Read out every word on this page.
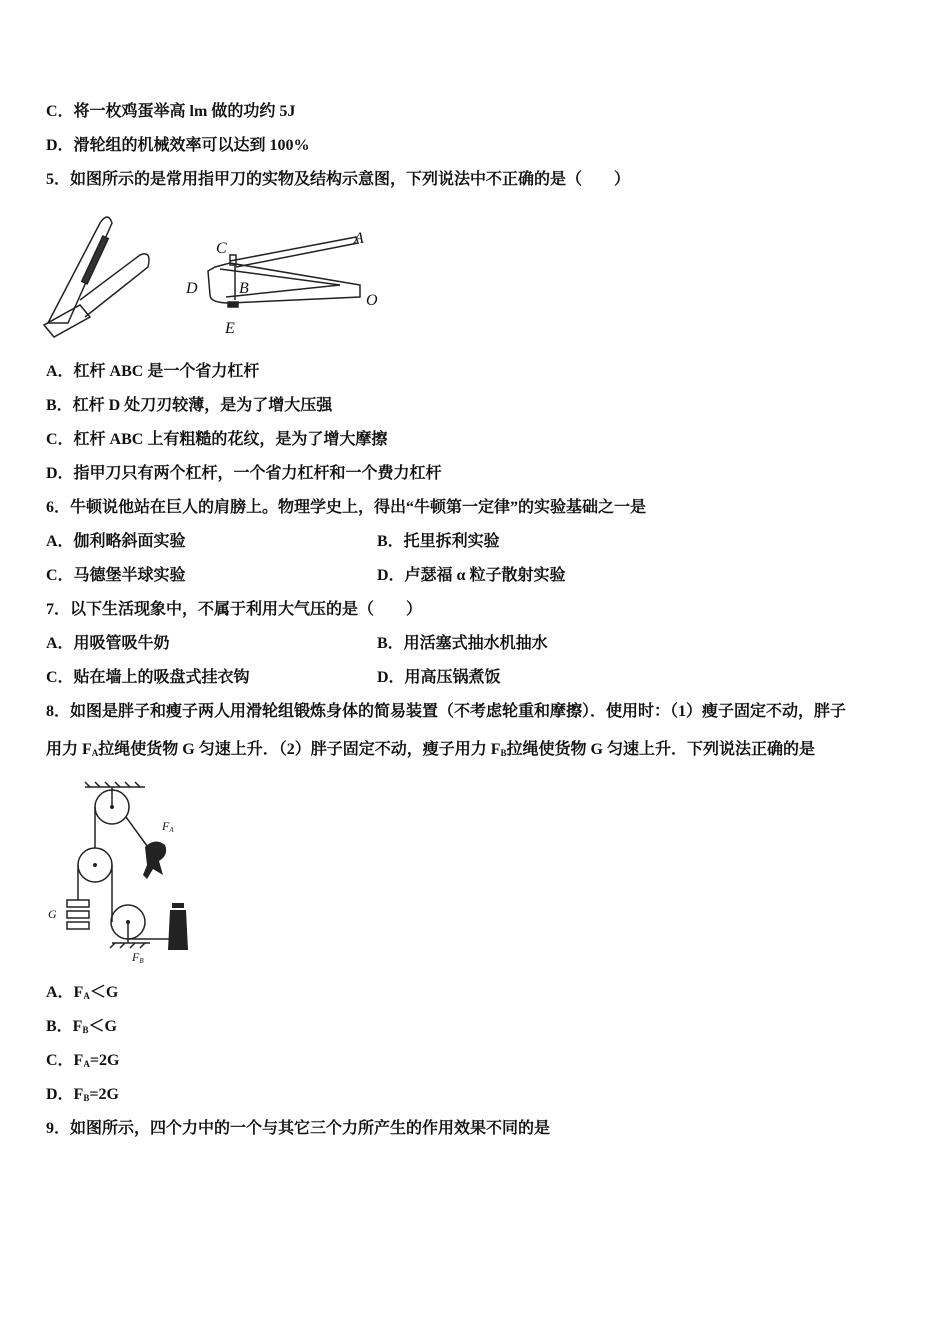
C．将一枚鸡蛋举高 lm 做的功约 5J
D．滑轮组的机械效率可以达到 100%
5．如图所示的是常用指甲刀的实物及结构示意图，下列说法中不正确的是（　　）
C
A
D	B
O
E
A．杠杆 ABC 是一个省力杠杆
B．杠杆 D 处刀刃较薄，是为了增大压强
C．杠杆 ABC 上有粗糙的花纹，是为了增大摩擦
D．指甲刀只有两个杠杆，一个省力杠杆和一个费力杠杆
6．牛顿说他站在巨人的肩膀上。物理学史上，得出“牛顿第一定律”的实验基础之一是
A．伽利略斜面实验	B．托里拆利实验
C．马德堡半球实验	D．卢瑟福 α 粒子散射实验
7．以下生活现象中，不属于利用大气压的是（　　）
A．用吸管吸牛奶	B．用活塞式抽水机抽水
C．贴在墙上的吸盘式挂衣钩	D．用高压锅煮饭
8．如图是胖子和瘦子两人用滑轮组锻炼身体的简易装置（不考虑轮重和摩擦）．使用时：（1）瘦子固定不动，胖子
用力 $F_A$拉绳使货物 G 匀速上升．（2）胖子固定不动，瘦子用力 $F_B$拉绳使货物 G 匀速上升．下列说法正确的是
FA
G
FB
A．$F_A<G$
B．$F_B<G$
C．$F_A=2G$
D．$F_B=2G$
9．如图所示，四个力中的一个与其它三个力所产生的作用效果不同的是
